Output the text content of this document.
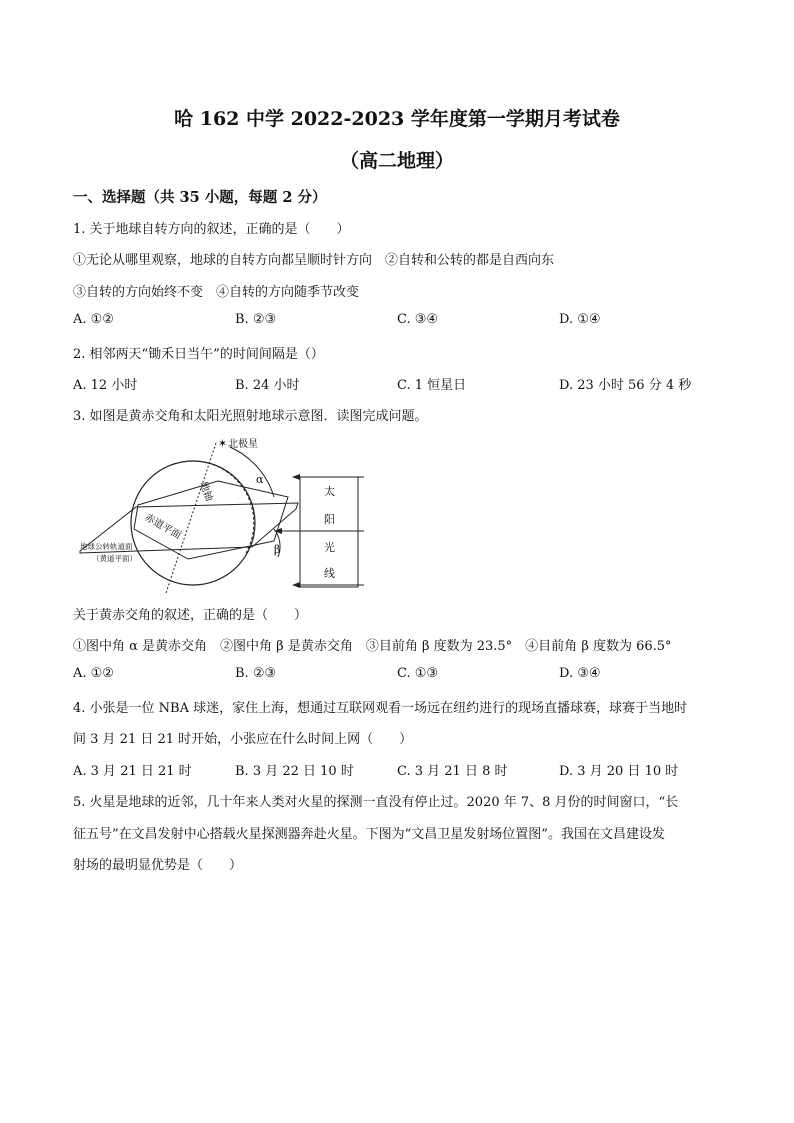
哈 162 中学 2022-2023 学年度第一学期月考试卷
（高二地理）
一、选择题（共 35 小题，每题 2 分）
1. 关于地球自转方向的叙述，正确的是（　　）
①无论从哪里观察，地球的自转方向都呈顺时针方向　②自转和公转的都是自西向东
③自转的方向始终不变　④自转的方向随季节改变
A. ①②	B. ②③	C. ③④	D. ①④
2. 相邻两天“锄禾日当午”的时间间隔是（）
A. 12 小时	B. 24 小时	C. 1 恒星日	D. 23 小时 56 分 4 秒
3. 如图是黄赤交角和太阳光照射地球示意图．读图完成问题。
✶ 北极星
地轴
赤道平面
地球公转轨道面
（黄道平面）
α
β
太
阳
光
线
关于黄赤交角的叙述，正确的是（　　）
①图中角 α 是黄赤交角　②图中角 β 是黄赤交角　③目前角 β 度数为 23.5°　④目前角 β 度数为 66.5°
A. ①②	B. ②③	C. ①③	D. ③④
4. 小张是一位 NBA 球迷，家住上海，想通过互联网观看一场远在纽约进行的现场直播球赛，球赛于当地时
间 3 月 21 日 21 时开始，小张应在什么时间上网（　　）
A. 3 月 21 日 21 时	B. 3 月 22 日 10 时	C. 3 月 21 日 8 时	D. 3 月 20 日 10 时
5. 火星是地球的近邻，几十年来人类对火星的探测一直没有停止过。2020 年 7、8 月份的时间窗口，“长
征五号”在文昌发射中心搭载火星探测器奔赴火星。下图为“文昌卫星发射场位置图”。我国在文昌建设发
射场的最明显优势是（　　）
